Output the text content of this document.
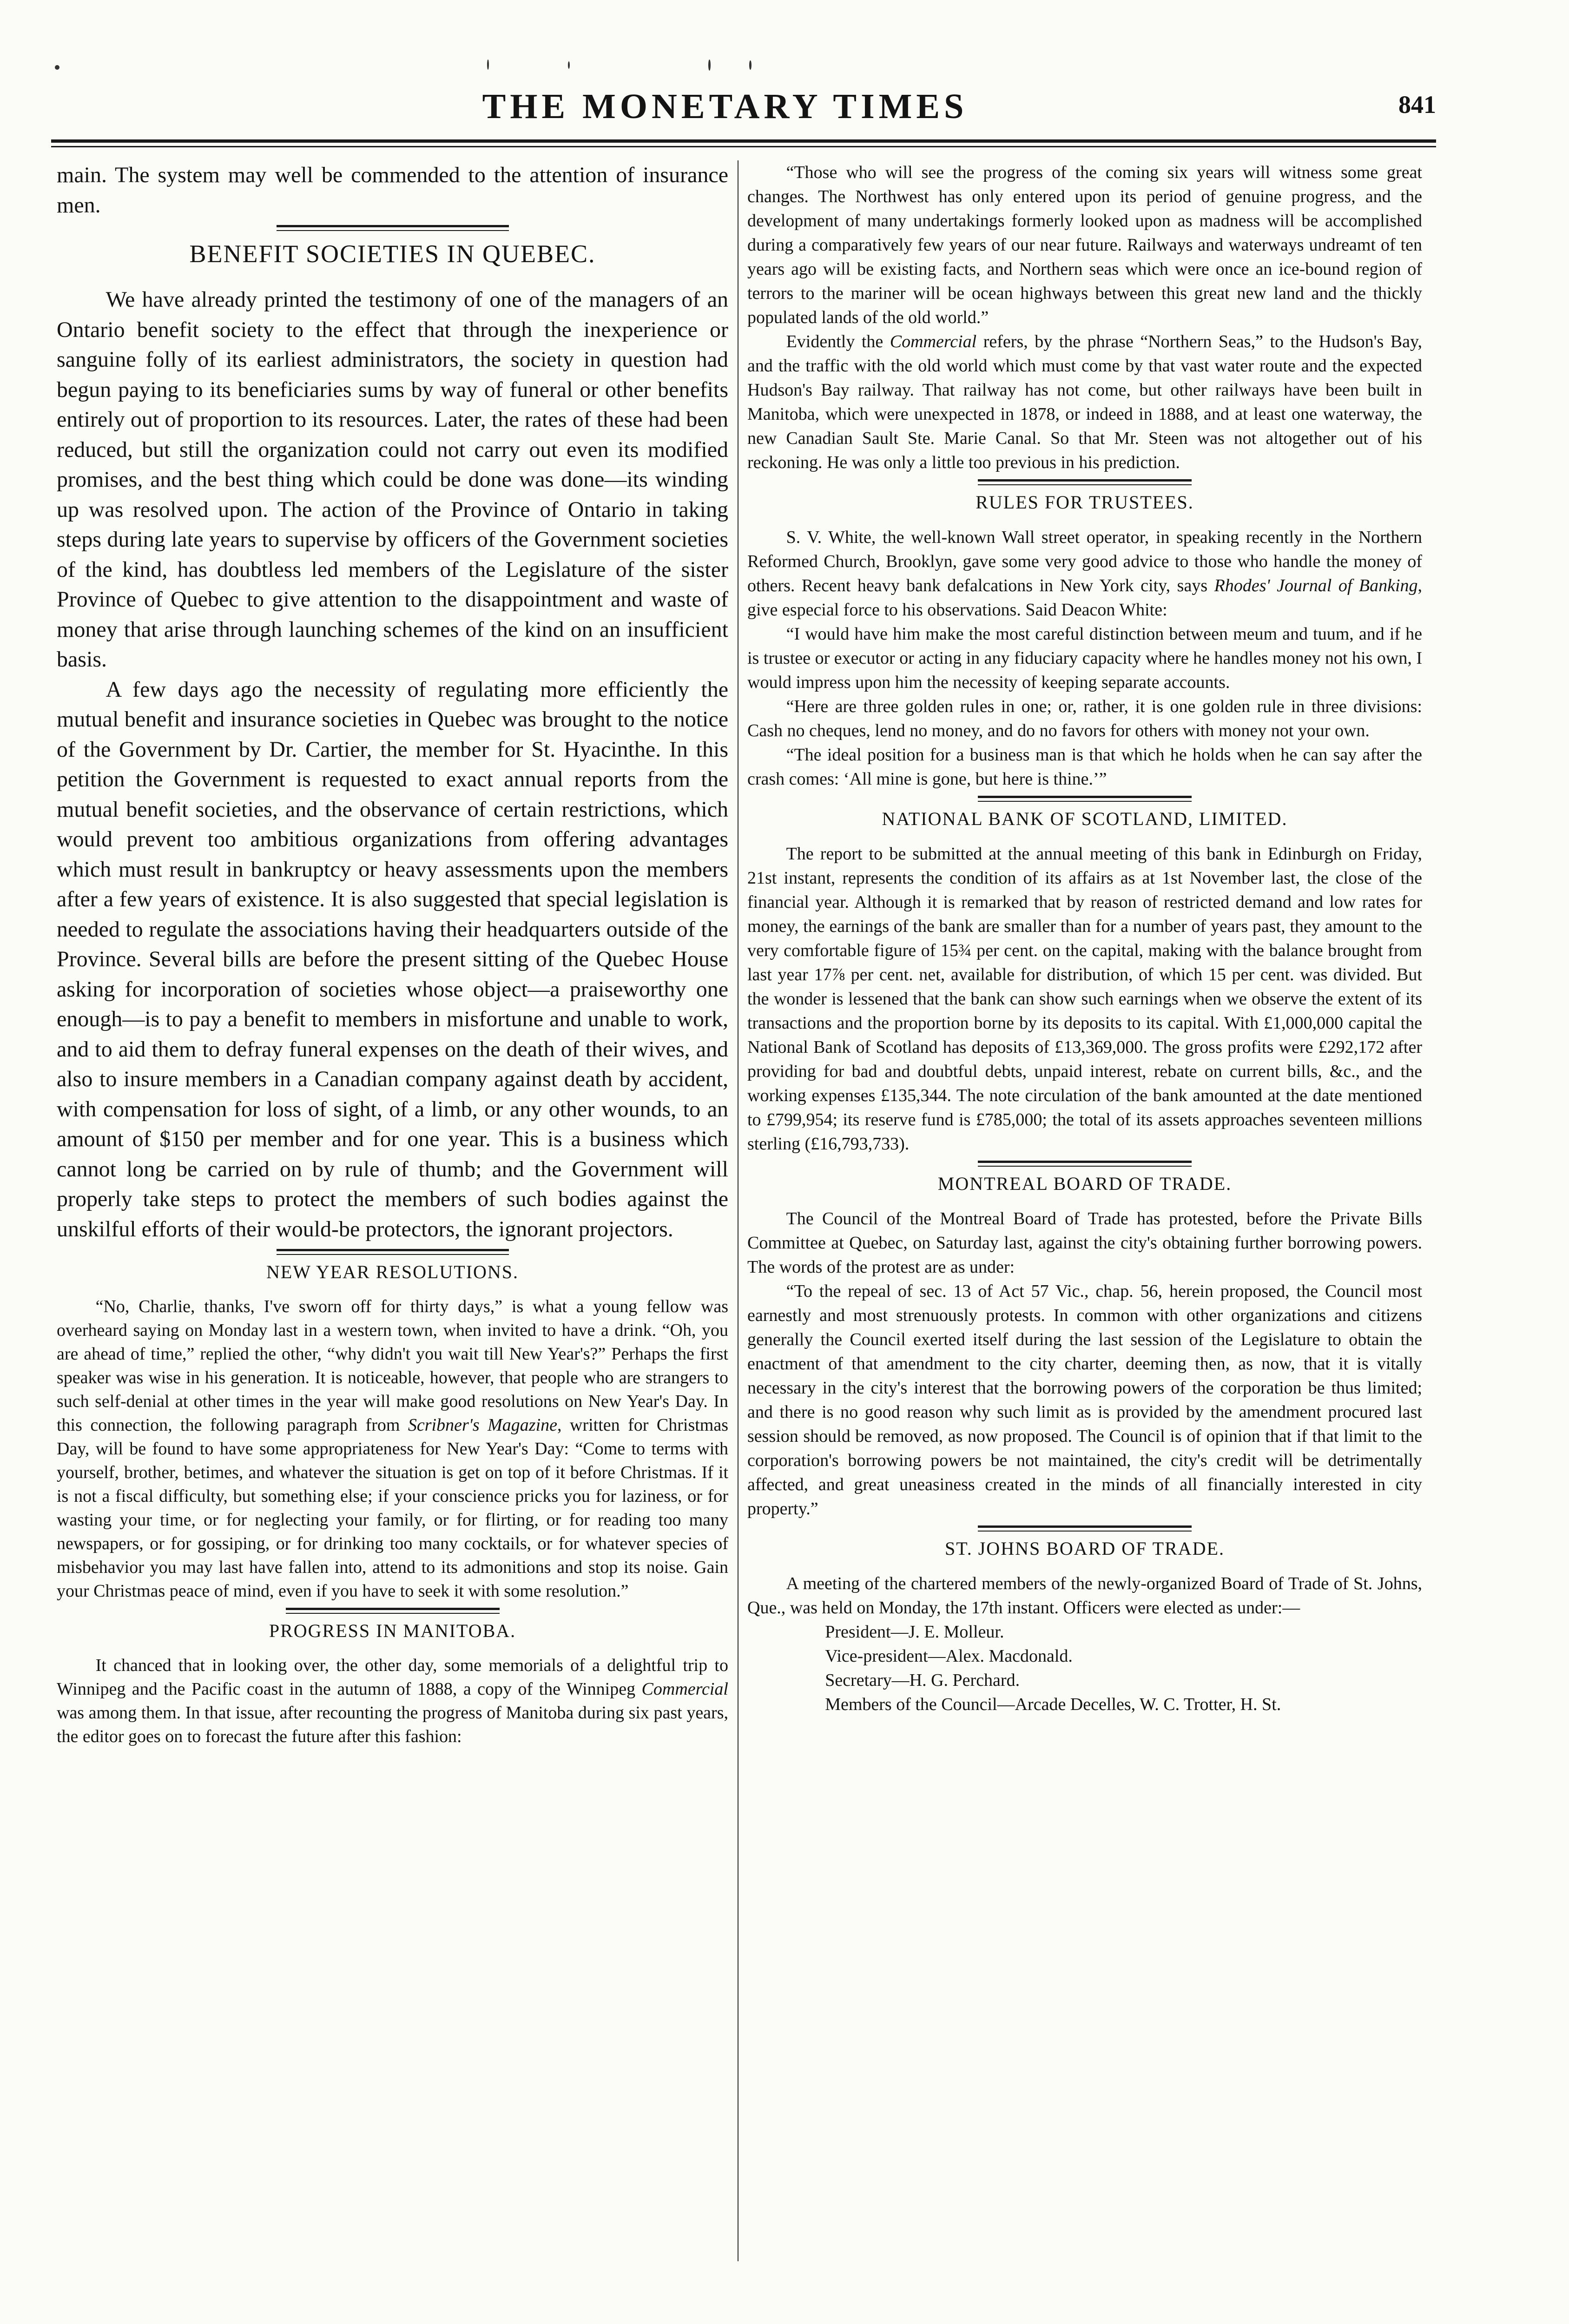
THE MONETARY TIMES	841

main. The system may well be commended to the attention of insurance men.

BENEFIT SOCIETIES IN QUEBEC.

We have already printed the testimony of one of the managers of an Ontario benefit society to the effect that through the inexperience or sanguine folly of its earliest administrators, the society in question had begun paying to its beneficiaries sums by way of funeral or other benefits entirely out of proportion to its resources. Later, the rates of these had been reduced, but still the organization could not carry out even its modified promises, and the best thing which could be done was done—its winding up was resolved upon. The action of the Province of Ontario in taking steps during late years to supervise by officers of the Government societies of the kind, has doubtless led members of the Legislature of the sister Province of Quebec to give attention to the disappointment and waste of money that arise through launching schemes of the kind on an insufficient basis.

A few days ago the necessity of regulating more efficiently the mutual benefit and insurance societies in Quebec was brought to the notice of the Government by Dr. Cartier, the member for St. Hyacinthe. In this petition the Government is requested to exact annual reports from the mutual benefit societies, and the observance of certain restrictions, which would prevent too ambitious organizations from offering advantages which must result in bankruptcy or heavy assessments upon the members after a few years of existence. It is also suggested that special legislation is needed to regulate the associations having their headquarters outside of the Province. Several bills are before the present sitting of the Quebec House asking for incorporation of societies whose object—a praiseworthy one enough—is to pay a benefit to members in misfortune and unable to work, and to aid them to defray funeral expenses on the death of their wives, and also to insure members in a Canadian company against death by accident, with compensation for loss of sight, of a limb, or any other wounds, to an amount of $150 per member and for one year. This is a business which cannot long be carried on by rule of thumb; and the Government will properly take steps to protect the members of such bodies against the unskilful efforts of their would-be protectors, the ignorant projectors.

NEW YEAR RESOLUTIONS.

“No, Charlie, thanks, I've sworn off for thirty days,” is what a young fellow was overheard saying on Monday last in a western town, when invited to have a drink. “Oh, you are ahead of time,” replied the other, “why didn't you wait till New Year's?” Perhaps the first speaker was wise in his generation. It is noticeable, however, that people who are strangers to such self-denial at other times in the year will make good resolutions on New Year's Day. In this connection, the following paragraph from Scribner's Magazine, written for Christmas Day, will be found to have some appropriateness for New Year's Day: “Come to terms with yourself, brother, betimes, and whatever the situation is get on top of it before Christmas. If it is not a fiscal difficulty, but something else; if your conscience pricks you for laziness, or for wasting your time, or for neglecting your family, or for flirting, or for reading too many newspapers, or for gossiping, or for drinking too many cocktails, or for whatever species of misbehavior you may last have fallen into, attend to its admonitions and stop its noise. Gain your Christmas peace of mind, even if you have to seek it with some resolution.”

PROGRESS IN MANITOBA.

It chanced that in looking over, the other day, some memorials of a delightful trip to Winnipeg and the Pacific coast in the autumn of 1888, a copy of the Winnipeg Commercial was among them. In that issue, after recounting the progress of Manitoba during six past years, the editor goes on to forecast the future after this fashion:

“Those who will see the progress of the coming six years will witness some great changes. The Northwest has only entered upon its period of genuine progress, and the development of many undertakings formerly looked upon as madness will be accomplished during a comparatively few years of our near future. Railways and waterways undreamt of ten years ago will be existing facts, and Northern seas which were once an ice-bound region of terrors to the mariner will be ocean highways between this great new land and the thickly populated lands of the old world.”

Evidently the Commercial refers, by the phrase “Northern Seas,” to the Hudson's Bay, and the traffic with the old world which must come by that vast water route and the expected Hudson's Bay railway. That railway has not come, but other railways have been built in Manitoba, which were unexpected in 1878, or indeed in 1888, and at least one waterway, the new Canadian Sault Ste. Marie Canal. So that Mr. Steen was not altogether out of his reckoning. He was only a little too previous in his prediction.

RULES FOR TRUSTEES.

S. V. White, the well-known Wall street operator, in speaking recently in the Northern Reformed Church, Brooklyn, gave some very good advice to those who handle the money of others. Recent heavy bank defalcations in New York city, says Rhodes' Journal of Banking, give especial force to his observations. Said Deacon White:

“I would have him make the most careful distinction between meum and tuum, and if he is trustee or executor or acting in any fiduciary capacity where he handles money not his own, I would impress upon him the necessity of keeping separate accounts.

“Here are three golden rules in one; or, rather, it is one golden rule in three divisions: Cash no cheques, lend no money, and do no favors for others with money not your own.

“The ideal position for a business man is that which he holds when he can say after the crash comes: ‘All mine is gone, but here is thine.’”

NATIONAL BANK OF SCOTLAND, LIMITED.

The report to be submitted at the annual meeting of this bank in Edinburgh on Friday, 21st instant, represents the condition of its affairs as at 1st November last, the close of the financial year. Although it is remarked that by reason of restricted demand and low rates for money, the earnings of the bank are smaller than for a number of years past, they amount to the very comfortable figure of 15¾ per cent. on the capital, making with the balance brought from last year 17⅞ per cent. net, available for distribution, of which 15 per cent. was divided. But the wonder is lessened that the bank can show such earnings when we observe the extent of its transactions and the proportion borne by its deposits to its capital. With £1,000,000 capital the National Bank of Scotland has deposits of £13,369,000. The gross profits were £292,172 after providing for bad and doubtful debts, unpaid interest, rebate on current bills, &c., and the working expenses £135,344. The note circulation of the bank amounted at the date mentioned to £799,954; its reserve fund is £785,000; the total of its assets approaches seventeen millions sterling (£16,793,733).

MONTREAL BOARD OF TRADE.

The Council of the Montreal Board of Trade has protested, before the Private Bills Committee at Quebec, on Saturday last, against the city's obtaining further borrowing powers. The words of the protest are as under:

“To the repeal of sec. 13 of Act 57 Vic., chap. 56, herein proposed, the Council most earnestly and most strenuously protests. In common with other organizations and citizens generally the Council exerted itself during the last session of the Legislature to obtain the enactment of that amendment to the city charter, deeming then, as now, that it is vitally necessary in the city's interest that the borrowing powers of the corporation be thus limited; and there is no good reason why such limit as is provided by the amendment procured last session should be removed, as now proposed. The Council is of opinion that if that limit to the corporation's borrowing powers be not maintained, the city's credit will be detrimentally affected, and great uneasiness created in the minds of all financially interested in city property.”

ST. JOHNS BOARD OF TRADE.

A meeting of the chartered members of the newly-organized Board of Trade of St. Johns, Que., was held on Monday, the 17th instant. Officers were elected as under:—

President—J. E. Molleur.

Vice-president—Alex. Macdonald.

Secretary—H. G. Perchard.

Members of the Council—Arcade Decelles, W. C. Trotter, H. St.
